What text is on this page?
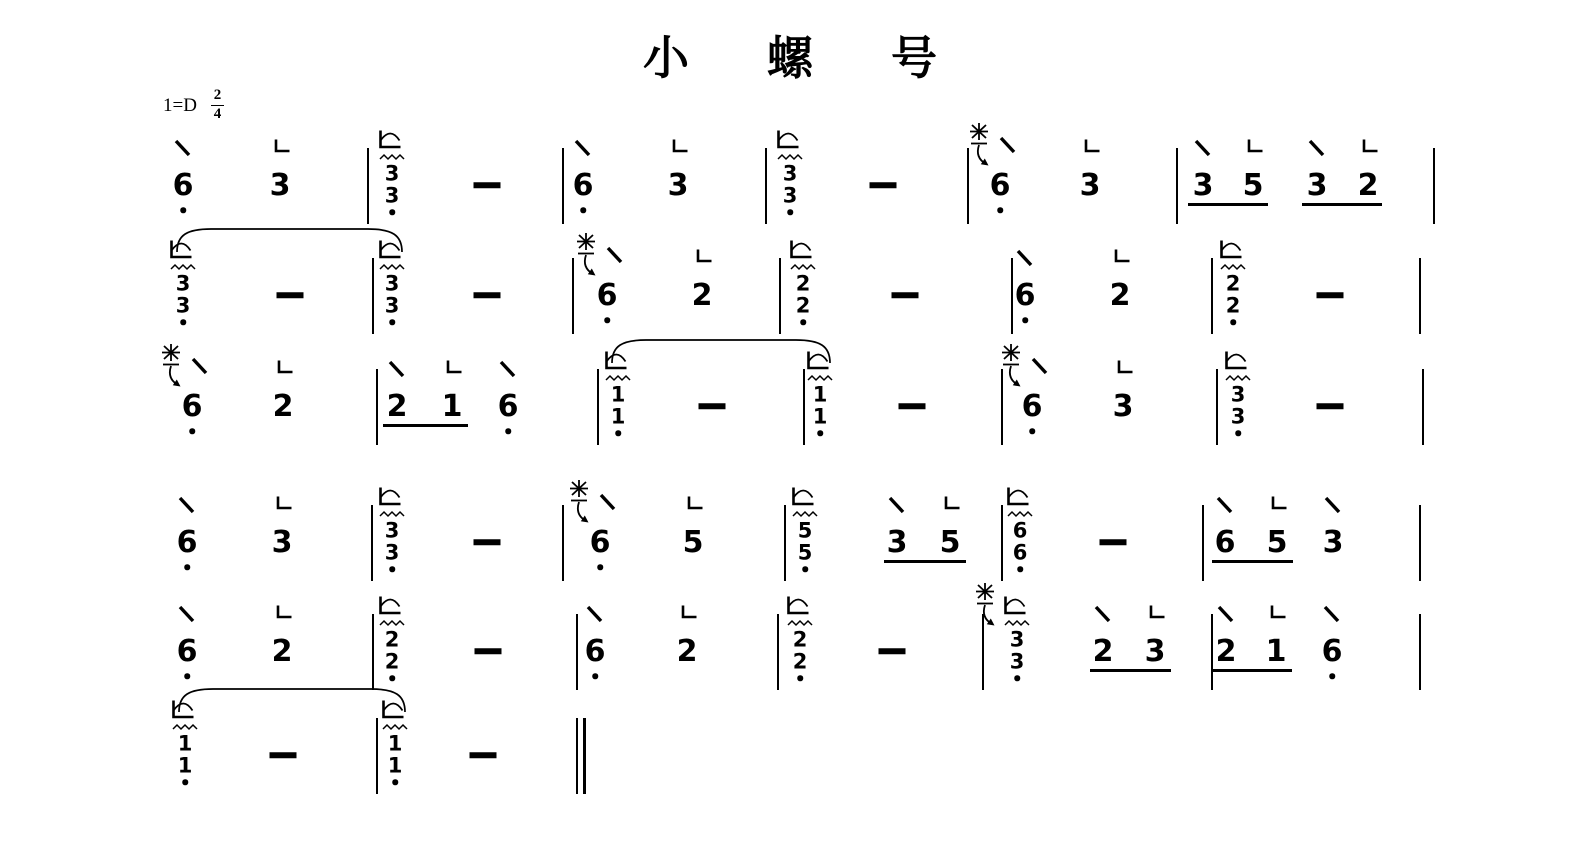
小 螺 号
$1=D \frac{2}{4}$
6	3	3
3	6 3	3
3	6 3	3 5 3 2
3
3
3
3	6 2	2
2	6 2	2
2
6 2	2 1 6	1
1
1
1	6 3	3
3
6 3	3
3	6 5	5
5 3 5 6
6	6 5 3
6 2	2
2	6 2	2
2
3
3 2 3 2 1 6
1
1
1
1
